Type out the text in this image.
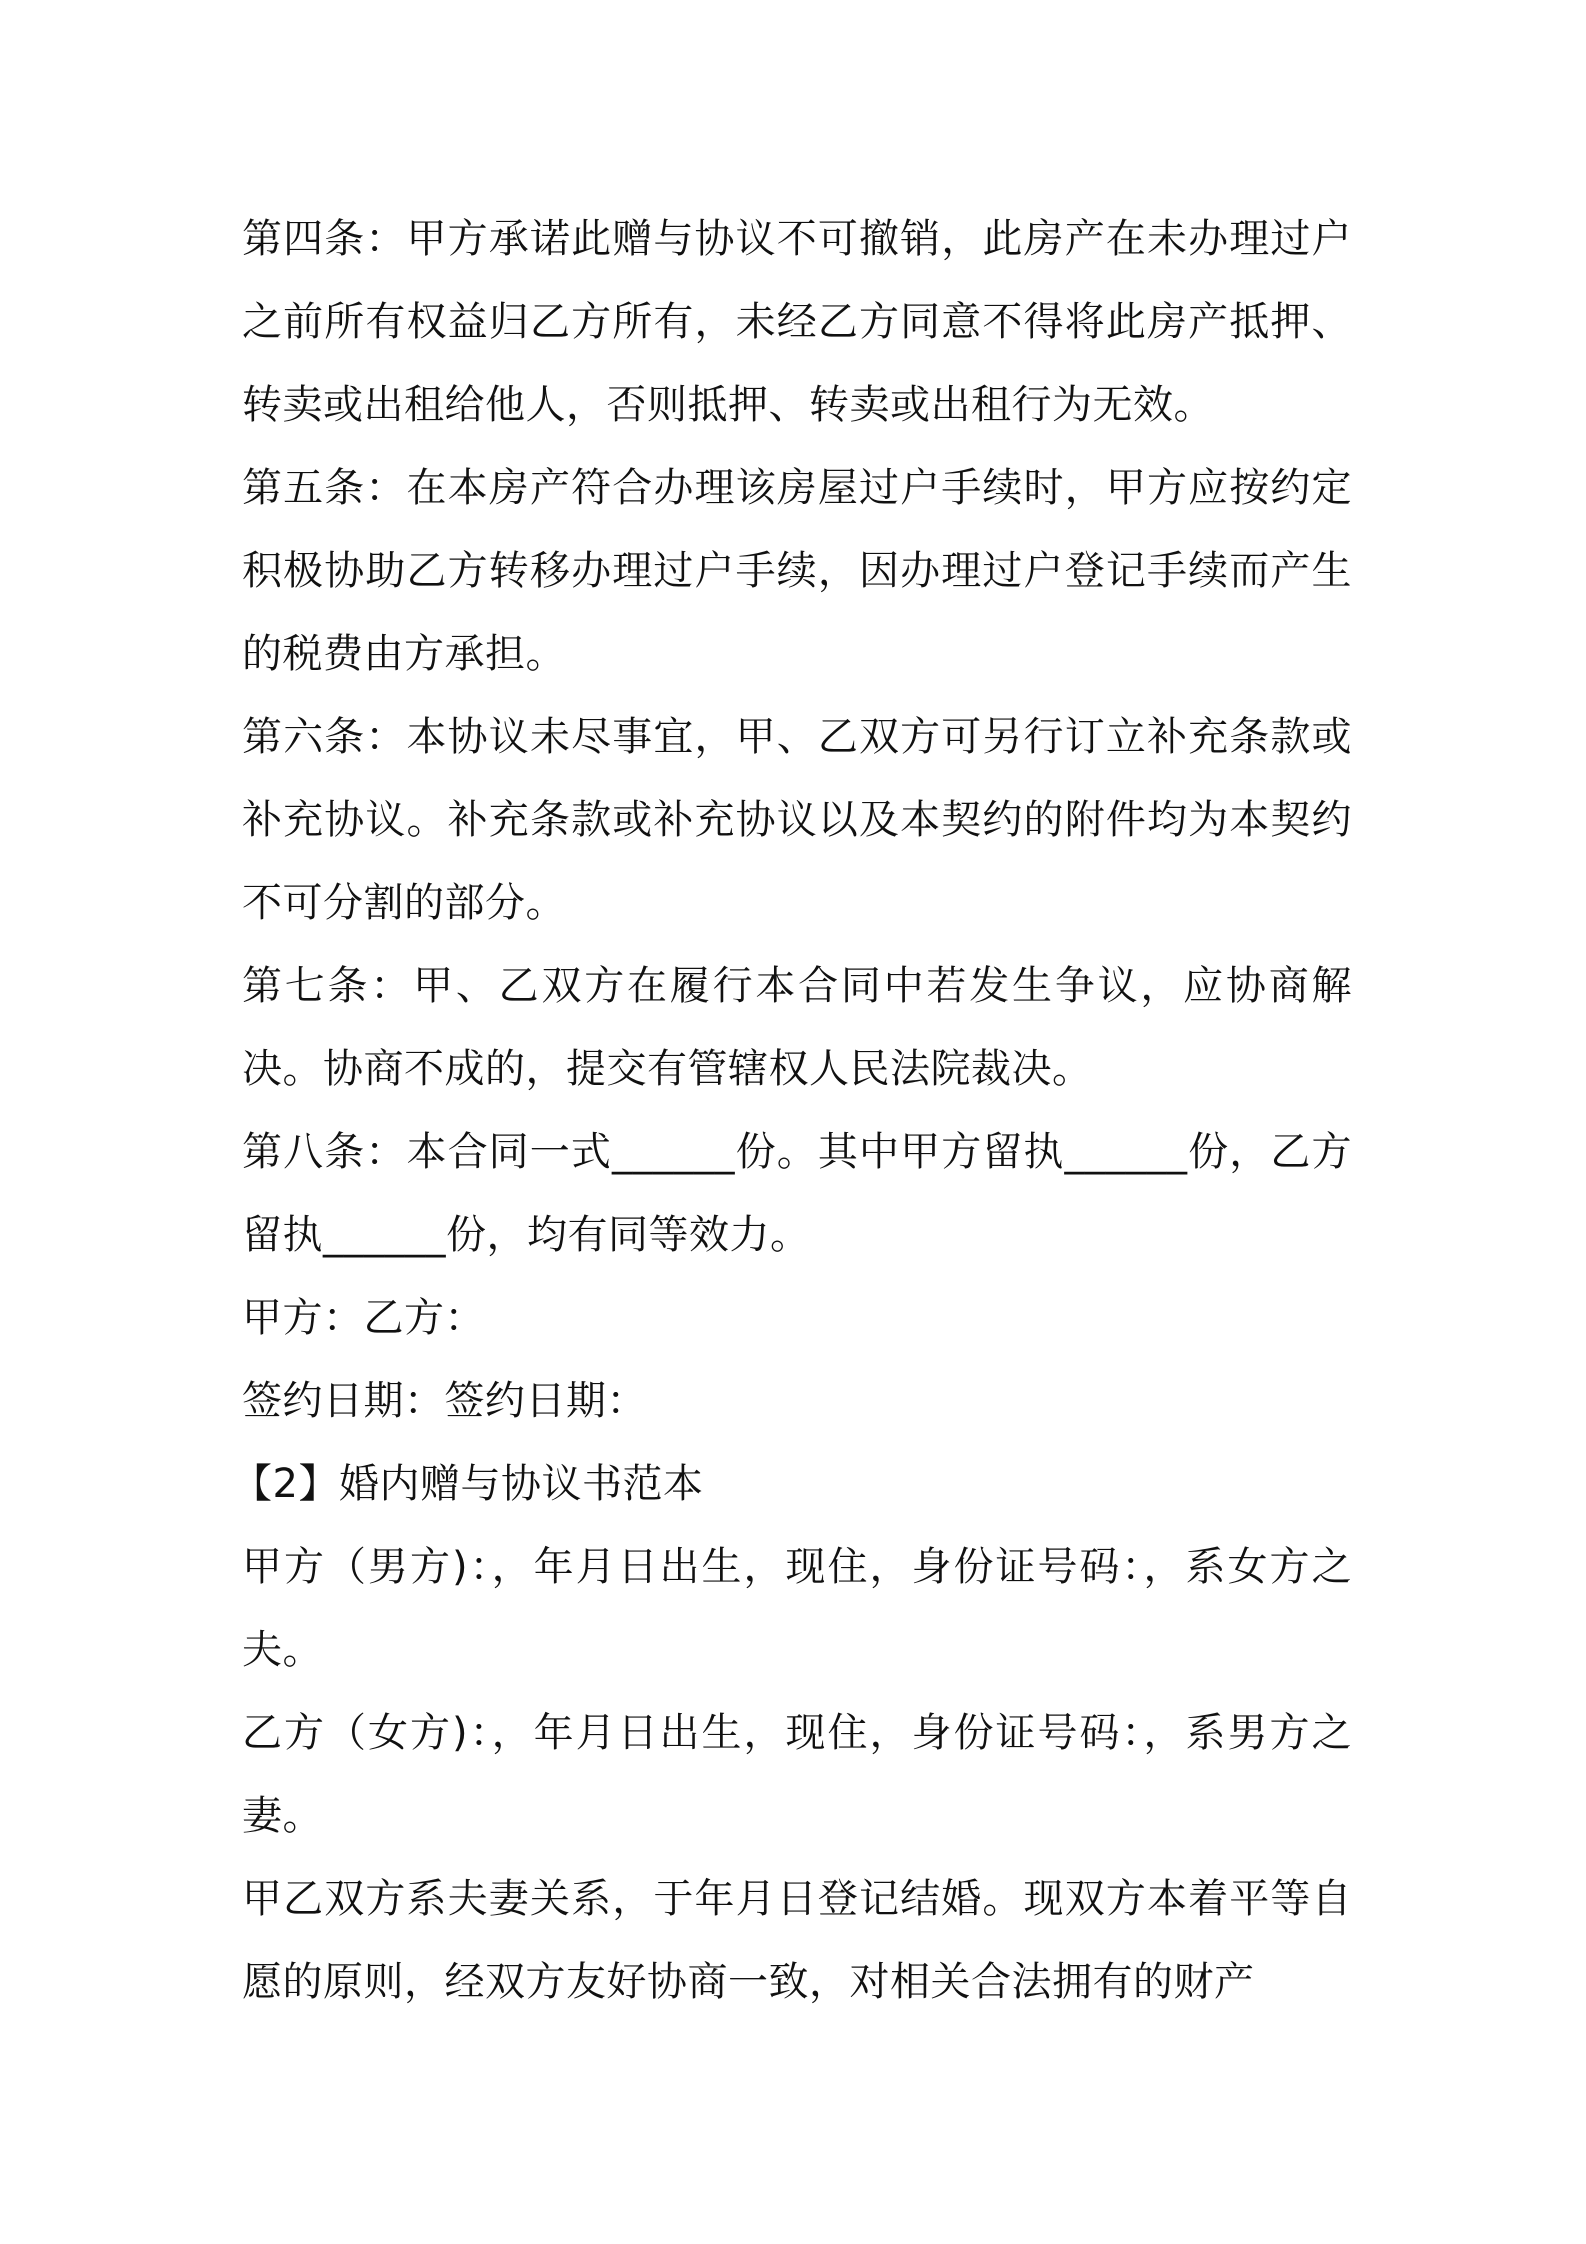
第四条：甲方承诺此赠与协议不可撤销，此房产在未办理过户之前所有权益归乙方所有，未经乙方同意不得将此房产抵押、转卖或出租给他人，否则抵押、转卖或出租行为无效。

第五条：在本房产符合办理该房屋过户手续时，甲方应按约定积极协助乙方转移办理过户手续，因办理过户登记手续而产生的税费由方承担。

第六条：本协议未尽事宜，甲、乙双方可另行订立补充条款或补充协议。补充条款或补充协议以及本契约的附件均为本契约不可分割的部分。

第七条：甲、乙双方在履行本合同中若发生争议，应协商解决。协商不成的，提交有管辖权人民法院裁决。

第八条：本合同一式______份。其中甲方留执______份，乙方留执______份，均有同等效力。

甲方：乙方：

签约日期：签约日期：

【2】婚内赠与协议书范本

甲方（男方)：，年月日出生，现住，身份证号码：，系女方之夫。

乙方（女方)：，年月日出生，现住，身份证号码：，系男方之妻。

甲乙双方系夫妻关系，于年月日登记结婚。现双方本着平等自愿的原则，经双方友好协商一致，对相关合法拥有的财产
